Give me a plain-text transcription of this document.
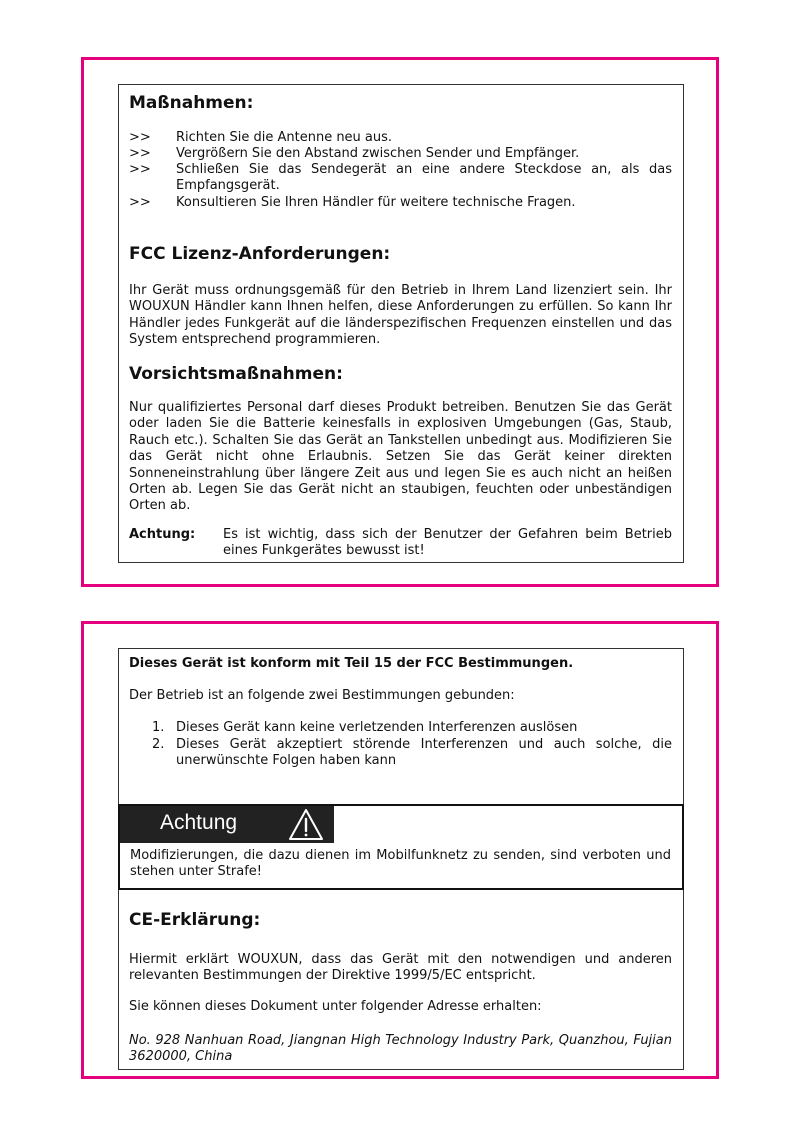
Maßnahmen:
>> Richten Sie die Antenne neu aus.
>> Vergrößern Sie den Abstand zwischen Sender und Empfänger.
>> Schließen Sie das Sendegerät an eine andere Steckdose an, als das Empfangsgerät.
>> Konsultieren Sie Ihren Händler für weitere technische Fragen.
FCC Lizenz-Anforderungen:
Ihr Gerät muss ordnungsgemäß für den Betrieb in Ihrem Land lizenziert sein. Ihr WOUXUN Händler kann Ihnen helfen, diese Anforderungen zu erfüllen. So kann Ihr Händler jedes Funkgerät auf die länderspezifischen Frequenzen einstellen und das System entsprechend programmieren.
Vorsichtsmaßnahmen:
Nur qualifiziertes Personal darf dieses Produkt betreiben. Benutzen Sie das Gerät oder laden Sie die Batterie keinesfalls in explosiven Umgebungen (Gas, Staub, Rauch etc.). Schalten Sie das Gerät an Tankstellen unbedingt aus. Modifizieren Sie das Gerät nicht ohne Erlaubnis. Setzen Sie das Gerät keiner direkten Sonneneinstrahlung über längere Zeit aus und legen Sie es auch nicht an heißen Orten ab. Legen Sie das Gerät nicht an staubigen, feuchten oder unbeständigen Orten ab.
Achtung: Es ist wichtig, dass sich der Benutzer der Gefahren beim Betrieb eines Funkgerätes bewusst ist!
Dieses Gerät ist konform mit Teil 15 der FCC Bestimmungen.
Der Betrieb ist an folgende zwei Bestimmungen gebunden:
1. Dieses Gerät kann keine verletzenden Interferenzen auslösen
2. Dieses Gerät akzeptiert störende Interferenzen und auch solche, die unerwünschte Folgen haben kann
Achtung
Modifizierungen, die dazu dienen im Mobilfunknetz zu senden, sind verboten und stehen unter Strafe!
CE-Erklärung:
Hiermit erklärt WOUXUN, dass das Gerät mit den notwendigen und anderen relevanten Bestimmungen der Direktive 1999/5/EC entspricht.
Sie können dieses Dokument unter folgender Adresse erhalten:
No. 928 Nanhuan Road, Jiangnan High Technology Industry Park, Quanzhou, Fujian 3620000, China
